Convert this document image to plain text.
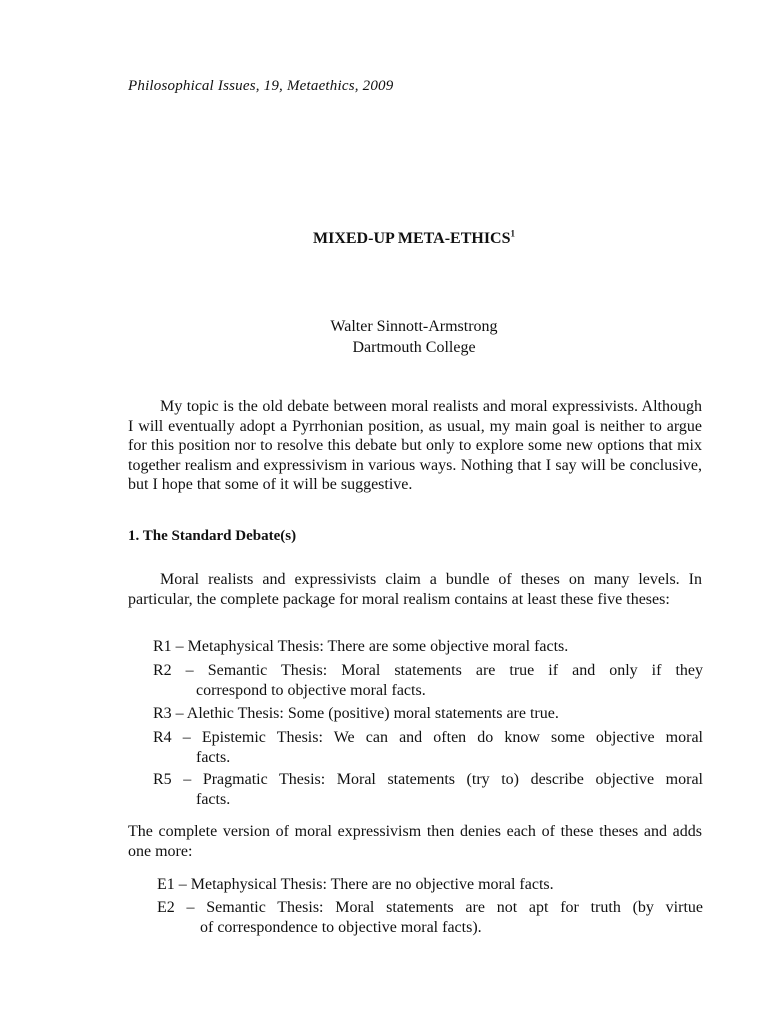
Philosophical Issues, 19, Metaethics, 2009
MIXED-UP META-ETHICS$^1$
Walter Sinnott-Armstrong
Dartmouth College
My topic is the old debate between moral realists and moral expressivists. Although I will eventually adopt a Pyrrhonian position, as usual, my main goal is neither to argue for this position nor to resolve this debate but only to explore some new options that mix together realism and expressivism in various ways. Nothing that I say will be conclusive, but I hope that some of it will be suggestive.
1. The Standard Debate(s)
Moral realists and expressivists claim a bundle of theses on many levels. In particular, the complete package for moral realism contains at least these five theses:
R1 – Metaphysical Thesis: There are some objective moral facts.
R2 – Semantic Thesis: Moral statements are true if and only if they
correspond to objective moral facts.
R3 – Alethic Thesis: Some (positive) moral statements are true.
R4 – Epistemic Thesis: We can and often do know some objective moral
facts.
R5 – Pragmatic Thesis: Moral statements (try to) describe objective moral
facts.
The complete version of moral expressivism then denies each of these theses and adds one more:
E1 – Metaphysical Thesis: There are no objective moral facts.
E2 – Semantic Thesis: Moral statements are not apt for truth (by virtue
of correspondence to objective moral facts).
